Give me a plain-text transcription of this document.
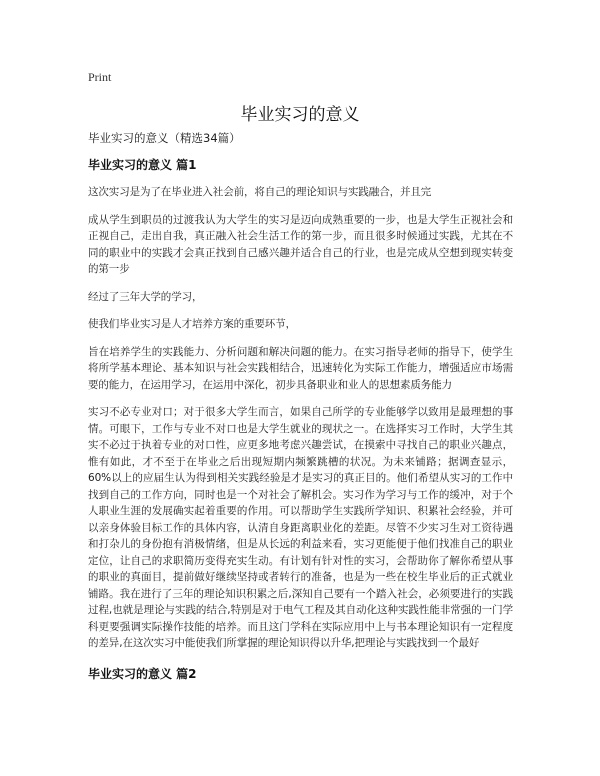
Print
毕业实习的意义
毕业实习的意义（精选34篇）
毕业实习的意义 篇1

这次实习是为了在毕业进入社会前，将自己的理论知识与实践融合，并且完

成从学生到职员的过渡我认为大学生的实习是迈向成熟重要的一步，也是大学生正视社会和正视自己，走出自我，真正融入社会生活工作的第一步，而且很多时候通过实践，尤其在不同的职业中的实践才会真正找到自己感兴趣并适合自己的行业，也是完成从空想到现实转变的第一步

经过了三年大学的学习，

使我们毕业实习是人才培养方案的重要环节，

旨在培养学生的实践能力、分析问题和解决问题的能力。在实习指导老师的指导下，使学生将所学基本理论、基本知识与社会实践相结合，迅速转化为实际工作能力，增强适应市场需要的能力，在运用学习，在运用中深化，初步具备职业和业人的思想素质务能力

实习不必专业对口；对于很多大学生而言，如果自己所学的专业能够学以致用是最理想的事情。可眼下，工作与专业不对口也是大学生就业的现状之一。在选择实习工作时，大学生其实不必过于执着专业的对口性，应更多地考虑兴趣尝试，在摸索中寻找自己的职业兴趣点，惟有如此，才不至于在毕业之后出现短期内频繁跳槽的状况。为未来铺路；据调查显示，60%以上的应届生认为得到相关实践经验是才是实习的真正目的。他们希望从实习的工作中找到自己的工作方向，同时也是一个对社会了解机会。实习作为学习与工作的缓冲，对于个人职业生涯的发展确实起着重要的作用。可以帮助学生实践所学知识、积累社会经验，并可以亲身体验目标工作的具体内容，认清自身距离职业化的差距。尽管不少实习生对工资待遇和打杂儿的身份抱有消极情绪，但是从长远的利益来看，实习更能便于他们找准自己的职业定位，让自己的求职简历变得充实生动。有计划有针对性的实习，会帮助你了解你希望从事的职业的真面目，提前做好继续坚持或者转行的准备，也是为一些在校生毕业后的正式就业铺路。我在进行了三年的理论知识积累之后,深知自己要有一个踏入社会，必须要进行的实践过程,也就是理论与实践的结合,特别是对于电气工程及其自动化这种实践性能非常强的一门学科更要强调实际操作技能的培养。而且这门学科在实际应用中上与书本理论知识有一定程度的差异,在这次实习中能使我们所掌握的理论知识得以升华,把理论与实践找到一个最好

毕业实习的意义 篇2
